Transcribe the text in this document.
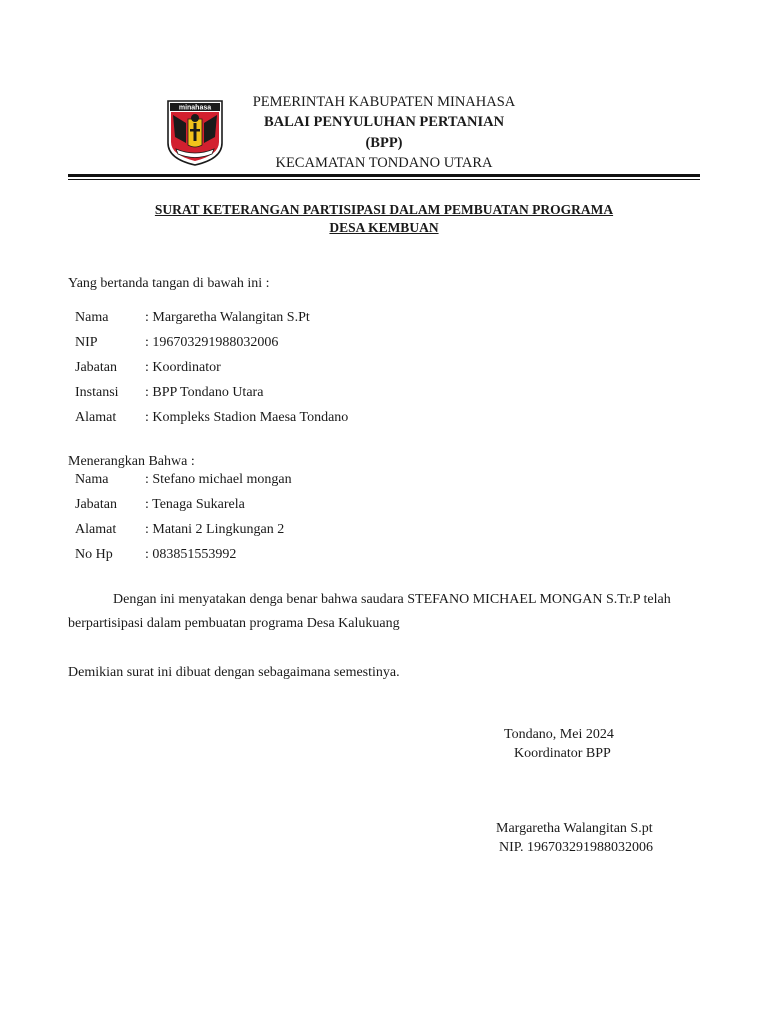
minahasa	PEMERINTAH KABUPATEN MINAHASA
BALAI PENYULUHAN PERTANIAN
(BPP)
KECAMATAN TONDANO UTARA
SURAT KETERANGAN PARTISIPASI DALAM PEMBUATAN PROGRAMA
DESA KEMBUAN
Yang bertanda tangan di bawah ini :
Nama	: Margaretha Walangitan S.Pt
NIP	: 196703291988032006
Jabatan : Koordinator
Instansi : BPP Tondano Utara
Alamat : Kompleks Stadion Maesa Tondano
Menerangkan Bahwa :
Nama	: Stefano michael mongan
Jabatan : Tenaga Sukarela
Alamat : Matani 2 Lingkungan 2
No Hp : 083851553992
Dengan ini menyatakan denga benar bahwa saudara STEFANO MICHAEL MONGAN S.Tr.P telah
berpartisipasi dalam pembuatan programa Desa Kalukuang
Demikian surat ini dibuat dengan sebagaimana semestinya.
Tondano, Mei 2024
Koordinator BPP
Margaretha Walangitan S.pt
NIP. 196703291988032006
